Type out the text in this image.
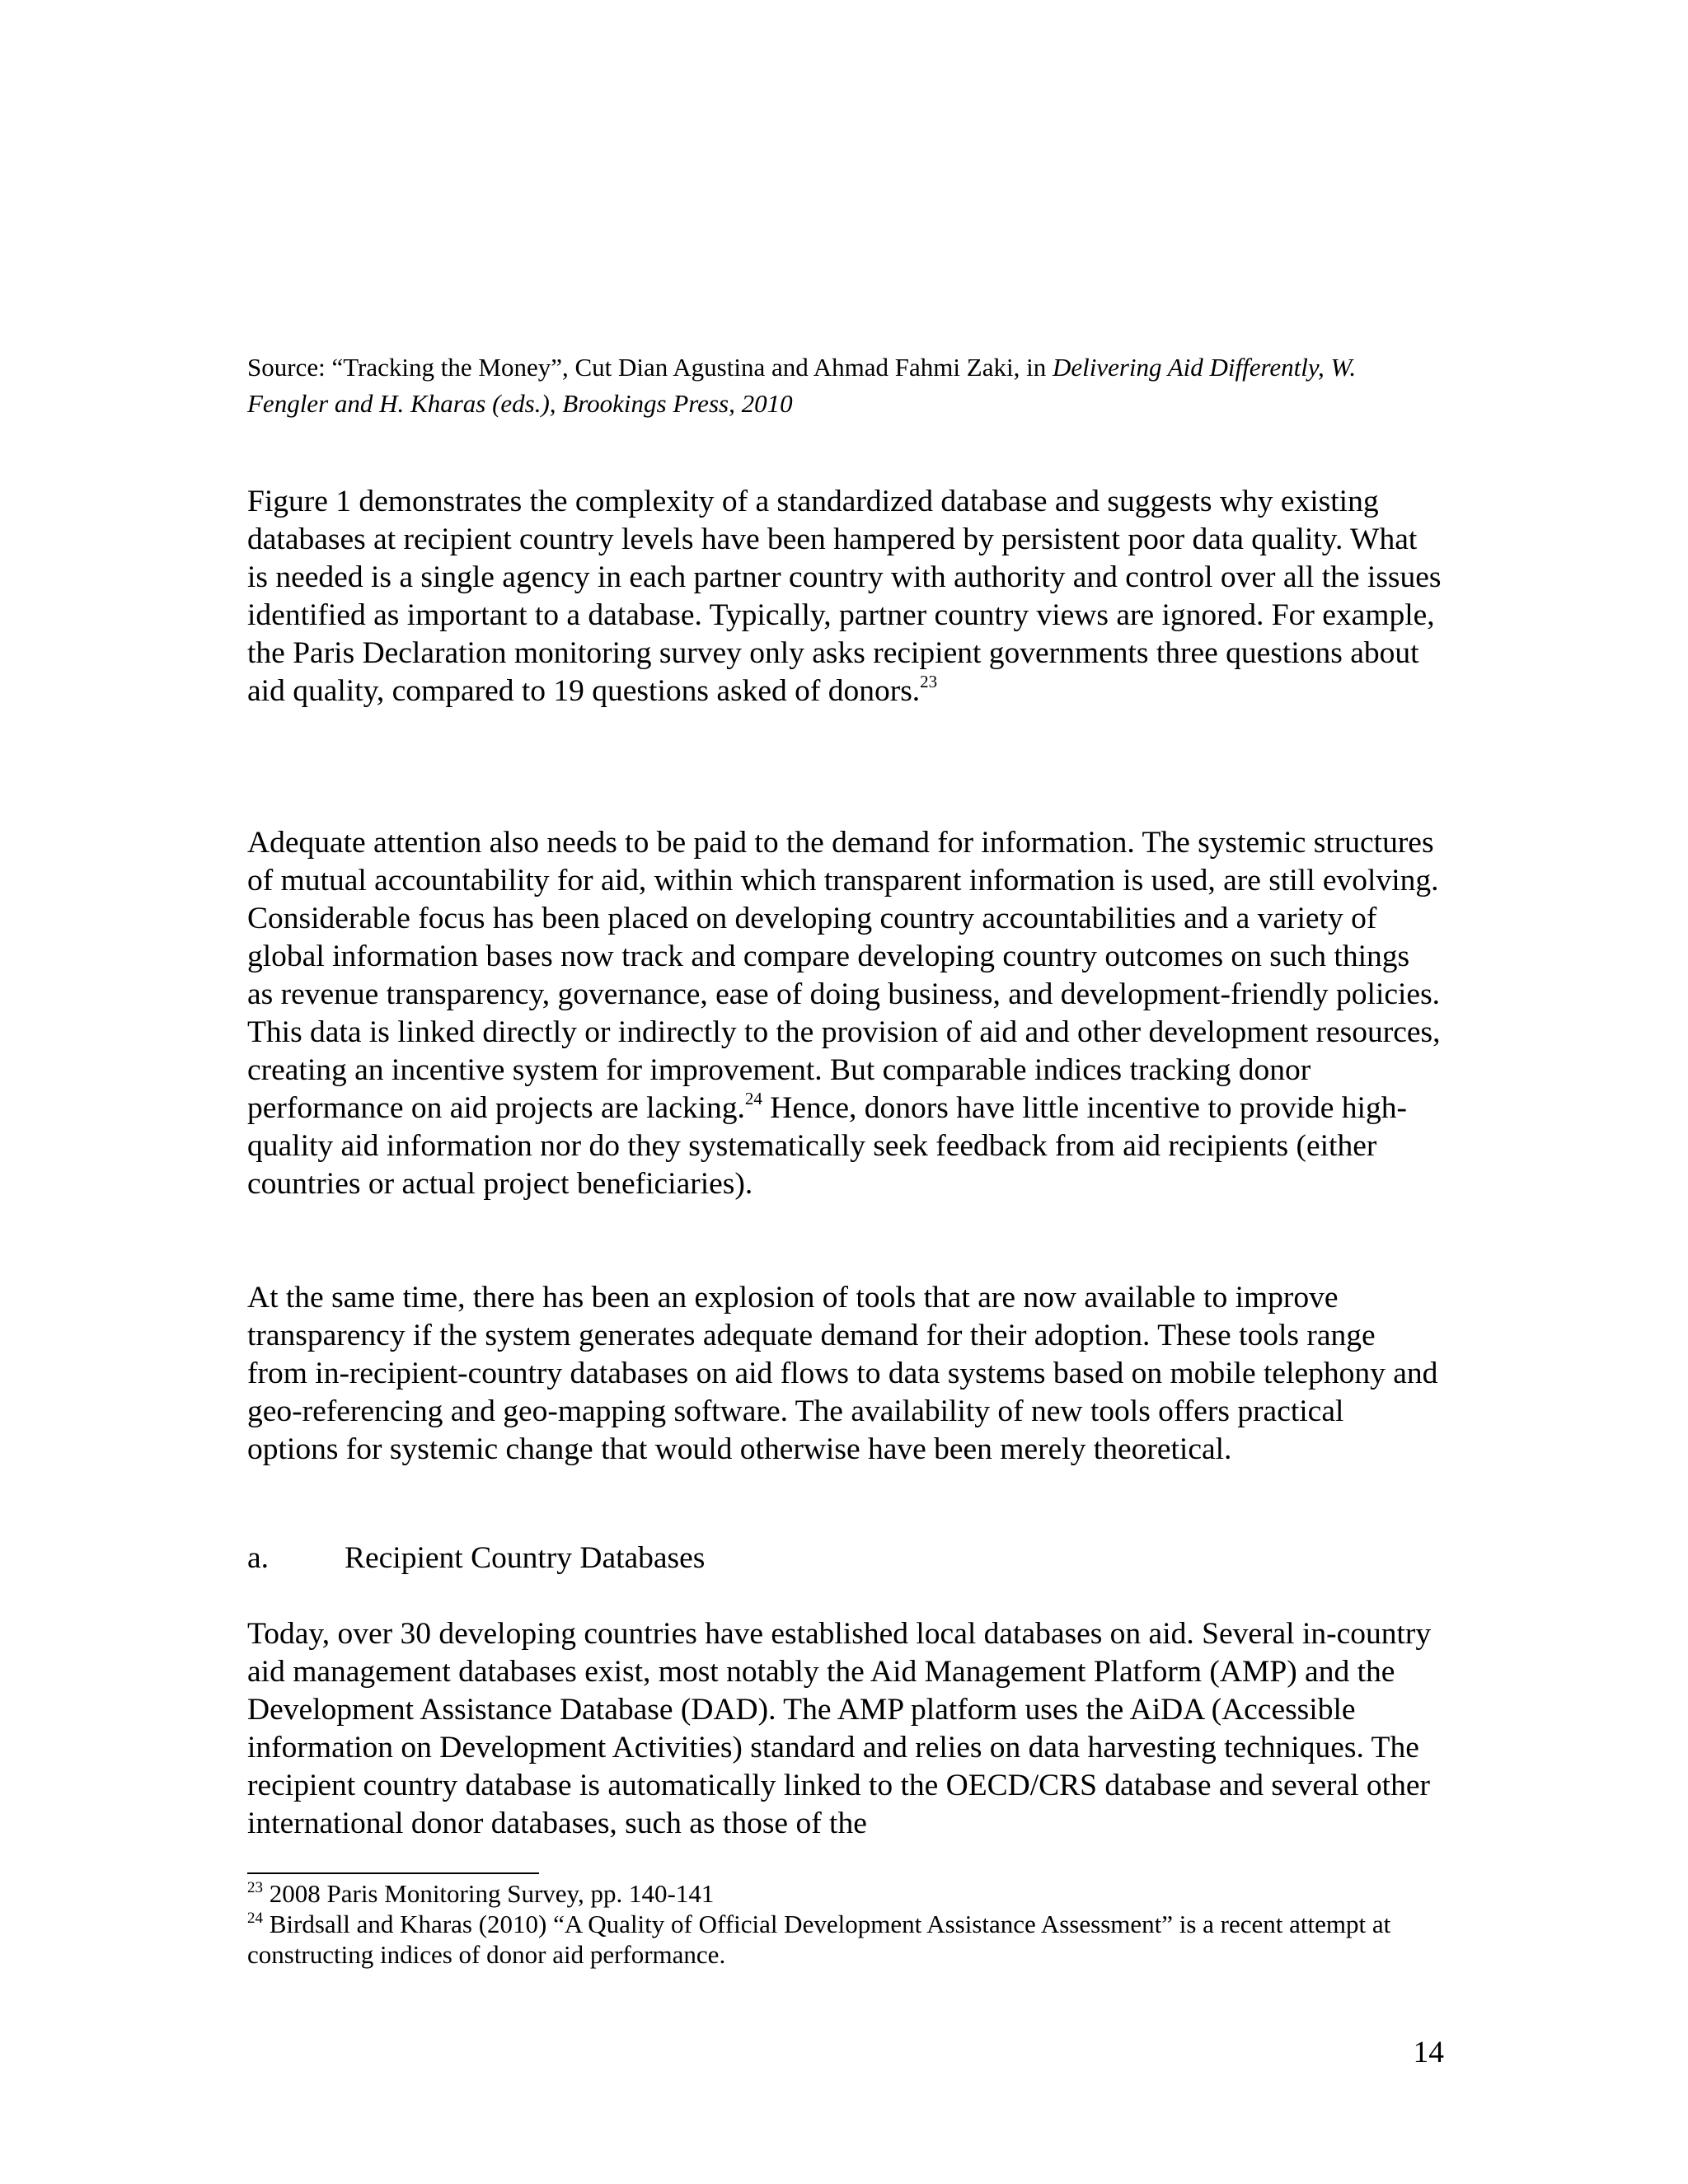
Source: “Tracking the Money”, Cut Dian Agustina and Ahmad Fahmi Zaki, in Delivering Aid Differently, W. Fengler and H. Kharas (eds.), Brookings Press, 2010

Figure 1 demonstrates the complexity of a standardized database and suggests why existing databases at recipient country levels have been hampered by persistent poor data quality. What is needed is a single agency in each partner country with authority and control over all the issues identified as important to a database. Typically, partner country views are ignored. For example, the Paris Declaration monitoring survey only asks recipient governments three questions about aid quality, compared to 19 questions asked of donors.$^{23}$

Adequate attention also needs to be paid to the demand for information. The systemic structures of mutual accountability for aid, within which transparent information is used, are still evolving. Considerable focus has been placed on developing country accountabilities and a variety of global information bases now track and compare developing country outcomes on such things as revenue transparency, governance, ease of doing business, and development-friendly policies. This data is linked directly or indirectly to the provision of aid and other development resources, creating an incentive system for improvement. But comparable indices tracking donor performance on aid projects are lacking.$^{24}$ Hence, donors have little incentive to provide high-quality aid information nor do they systematically seek feedback from aid recipients (either countries or actual project beneficiaries).

At the same time, there has been an explosion of tools that are now available to improve transparency if the system generates adequate demand for their adoption. These tools range from in-recipient-country databases on aid flows to data systems based on mobile telephony and geo-referencing and geo-mapping software. The availability of new tools offers practical options for systemic change that would otherwise have been merely theoretical.

a. Recipient Country Databases

Today, over 30 developing countries have established local databases on aid. Several in-country aid management databases exist, most notably the Aid Management Platform (AMP) and the Development Assistance Database (DAD). The AMP platform uses the AiDA (Accessible information on Development Activities) standard and relies on data harvesting techniques. The recipient country database is automatically linked to the OECD/CRS database and several other international donor databases, such as those of the

$^{23}$ 2008 Paris Monitoring Survey, pp. 140-141
$^{24}$ Birdsall and Kharas (2010) “A Quality of Official Development Assistance Assessment” is a recent attempt at constructing indices of donor aid performance.
14
